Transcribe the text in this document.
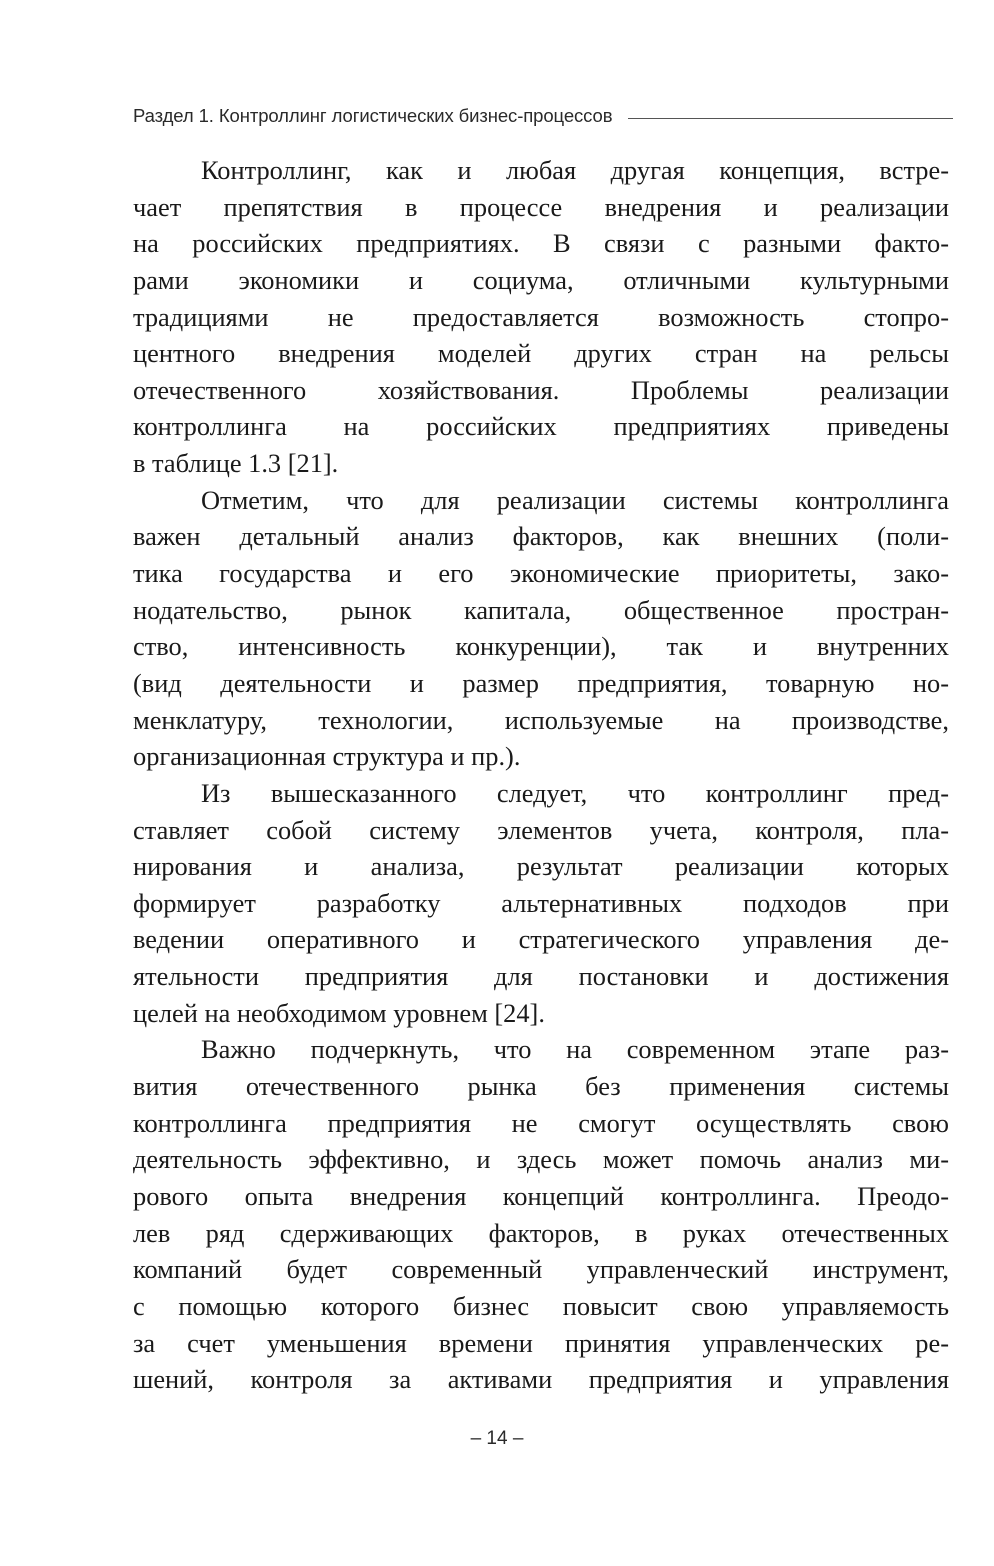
Раздел 1. Контроллинг логистических бизнес-процессов
Контроллинг, как и любая другая концепция, встре-
чает препятствия в процессе внедрения и реализации
на российских предприятиях. В связи с разными факто-
рами экономики и социума, отличными культурными
традициями не предоставляется возможность стопро-
центного внедрения моделей других стран на рельсы
отечественного хозяйствования. Проблемы реализации
контроллинга на российских предприятиях приведены
в таблице 1.3 [21].
Отметим, что для реализации системы контроллинга
важен детальный анализ факторов, как внешних (поли-
тика государства и его экономические приоритеты, зако-
нодательство, рынок капитала, общественное простран-
ство, интенсивность конкуренции), так и внутренних
(вид деятельности и размер предприятия, товарную но-
менклатуру, технологии, используемые на производстве,
организационная структура и пр.).
Из вышесказанного следует, что контроллинг пред-
ставляет собой систему элементов учета, контроля, пла-
нирования и анализа, результат реализации которых
формирует разработку альтернативных подходов при
ведении оперативного и стратегического управления де-
ятельности предприятия для постановки и достижения
целей на необходимом уровнем [24].
Важно подчеркнуть, что на современном этапе раз-
вития отечественного рынка без применения системы
контроллинга предприятия не смогут осуществлять свою
деятельность эффективно, и здесь может помочь анализ ми-
рового опыта внедрения концепций контроллинга. Преодо-
лев ряд сдерживающих факторов, в руках отечественных
компаний будет современный управленческий инструмент,
с помощью которого бизнес повысит свою управляемость
за счет уменьшения времени принятия управленческих ре-
шений, контроля за активами предприятия и управления
– 14 –
